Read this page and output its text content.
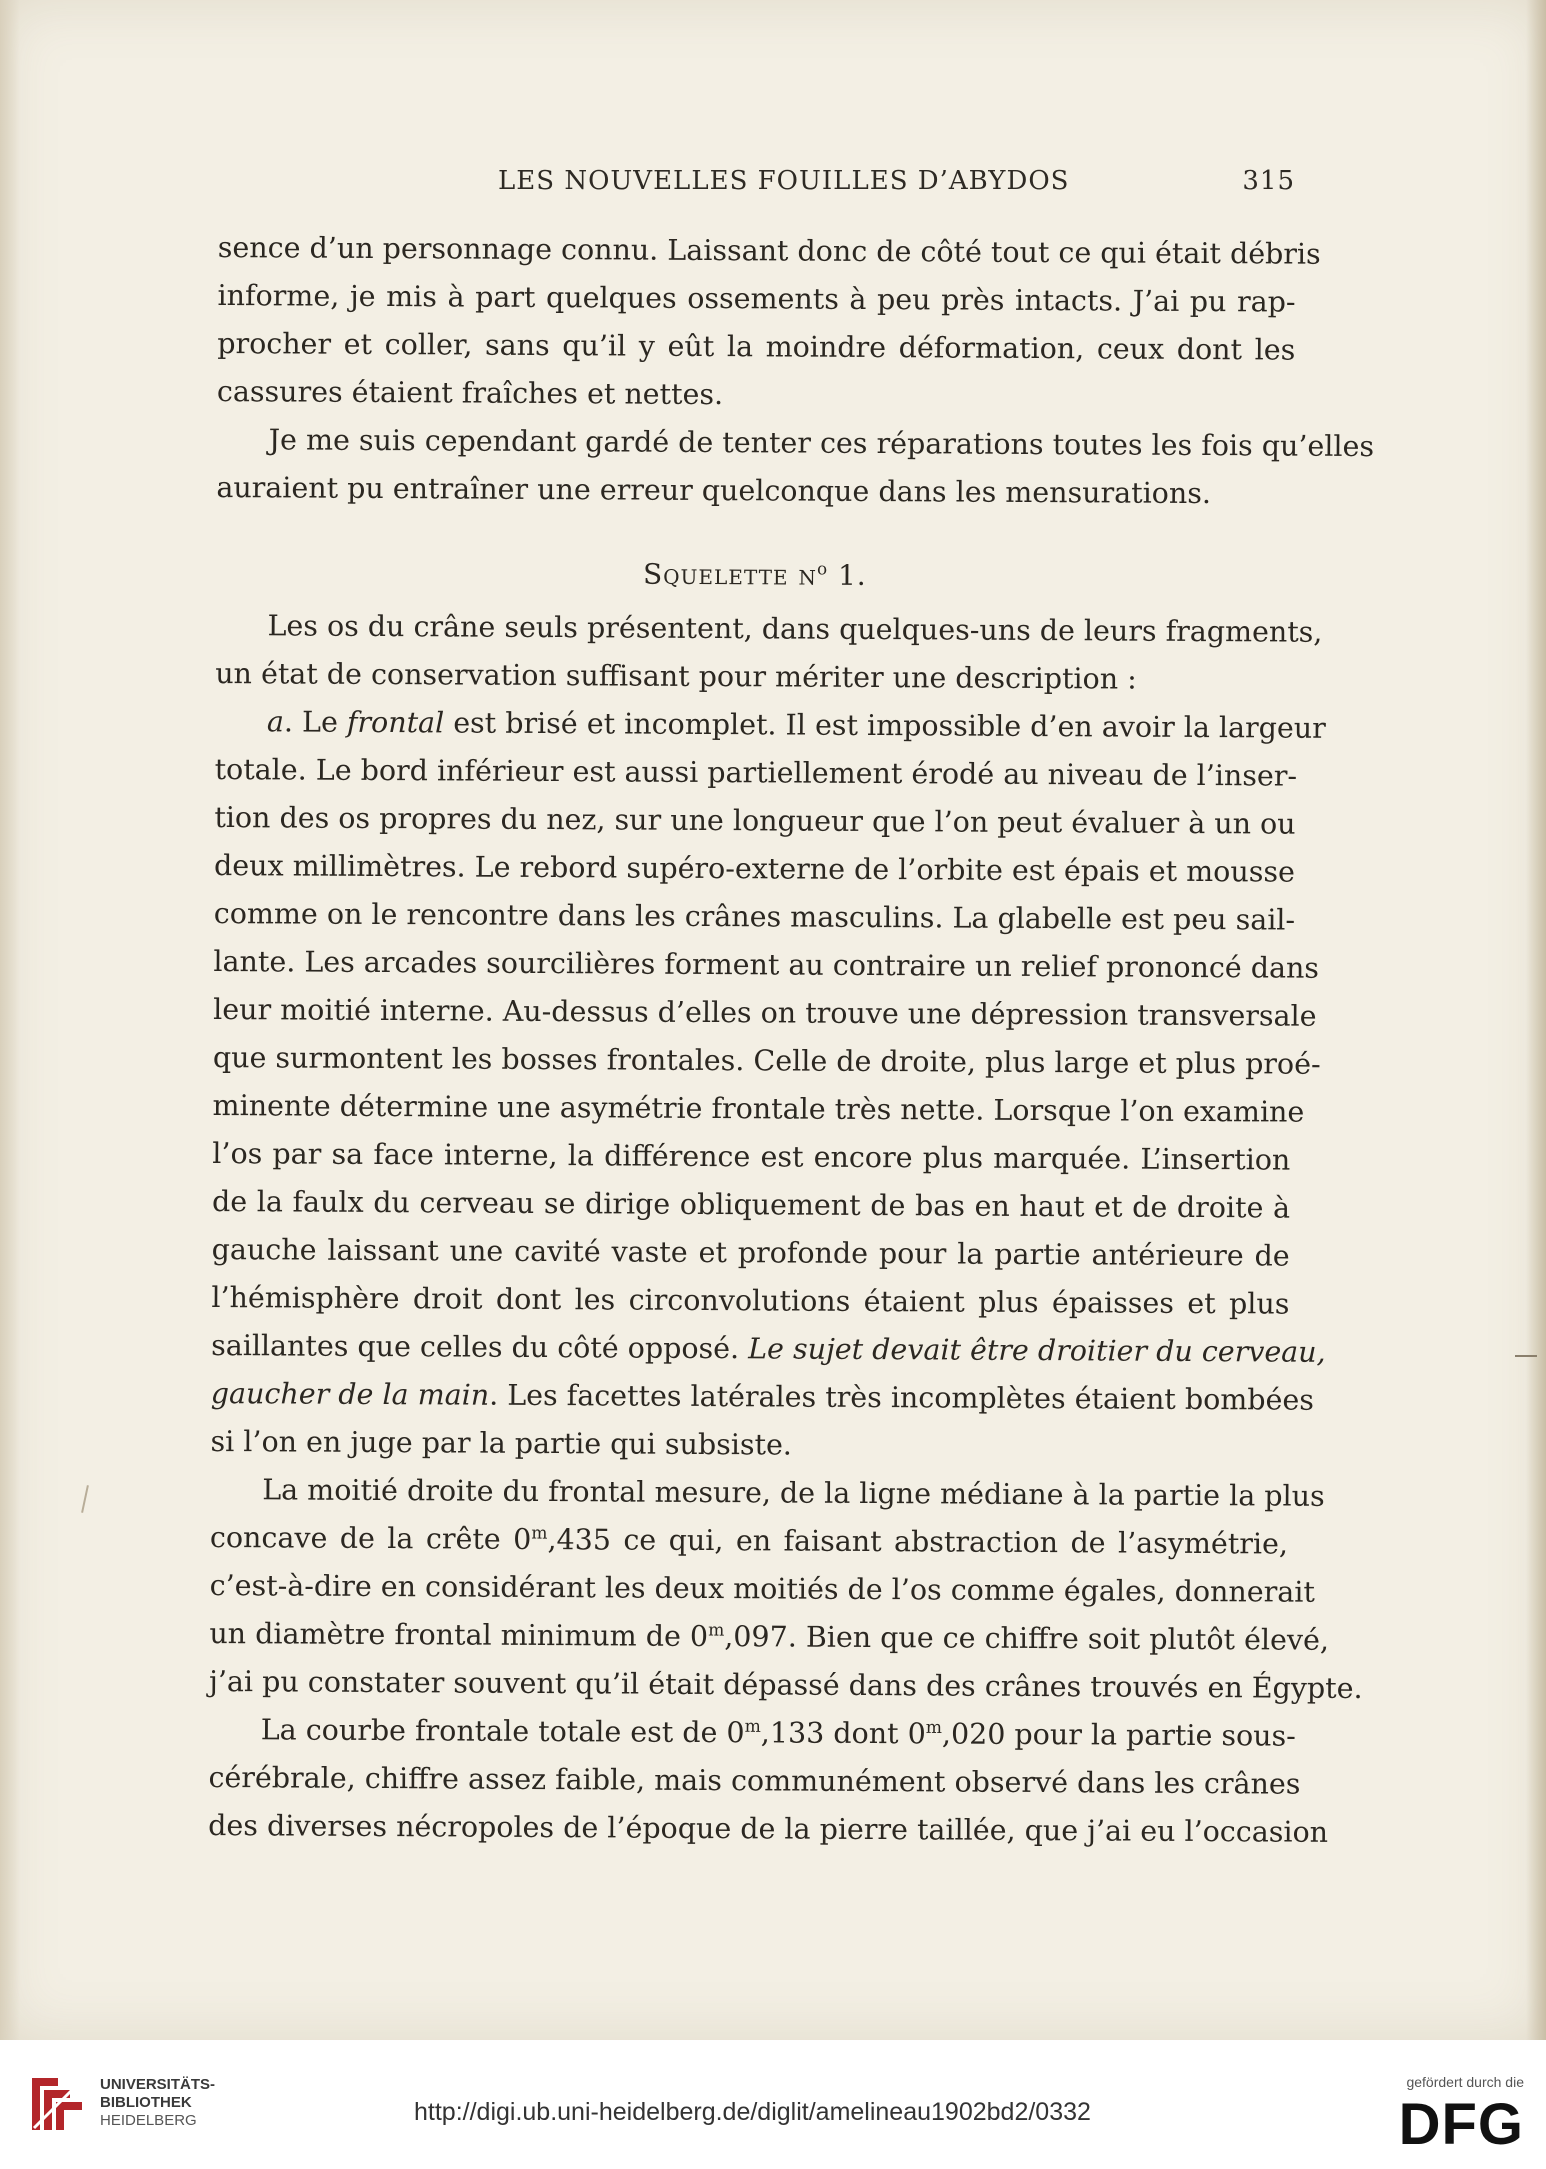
LES NOUVELLES FOUILLES D’ABYDOS	315
sence d’un personnage connu. Laissant donc de côté tout ce qui était débris
informe, je mis à part quelques ossements à peu près intacts. J’ai pu rap-
procher et coller, sans qu’il y eût la moindre déformation, ceux dont les
cassures étaient fraîches et nettes.
Je me suis cependant gardé de tenter ces réparations toutes les fois qu’elles
auraient pu entraîner une erreur quelconque dans les mensurations.
Squelette $n^o$ 1.
Les os du crâne seuls présentent, dans quelques-uns de leurs fragments,
un état de conservation suffisant pour mériter une description :
a. Le frontal est brisé et incomplet. Il est impossible d’en avoir la largeur
totale. Le bord inférieur est aussi partiellement érodé au niveau de l’inser-
tion des os propres du nez, sur une longueur que l’on peut évaluer à un ou
deux millimètres. Le rebord supéro-externe de l’orbite est épais et mousse
comme on le rencontre dans les crânes masculins. La glabelle est peu sail-
lante. Les arcades sourcilières forment au contraire un relief prononcé dans
leur moitié interne. Au-dessus d’elles on trouve une dépression transversale
que surmontent les bosses frontales. Celle de droite, plus large et plus proé-
minente détermine une asymétrie frontale très nette. Lorsque l’on examine
l’os par sa face interne, la différence est encore plus marquée. L’insertion
de la faulx du cerveau se dirige obliquement de bas en haut et de droite à
gauche laissant une cavité vaste et profonde pour la partie antérieure de
l’hémisphère droit dont les circonvolutions étaient plus épaisses et plus
saillantes que celles du côté opposé. Le sujet devait être droitier du cerveau,
gaucher de la main. Les facettes latérales très incomplètes étaient bombées
si l’on en juge par la partie qui subsiste.
La moitié droite du frontal mesure, de la ligne médiane à la partie la plus
concave de la crête 0$^m$,435 ce qui, en faisant abstraction de l’asymétrie,
c’est-à-dire en considérant les deux moitiés de l’os comme égales, donnerait
un diamètre frontal minimum de 0$^m$,097. Bien que ce chiffre soit plutôt élevé,
j’ai pu constater souvent qu’il était dépassé dans des crânes trouvés en Égypte.
La courbe frontale totale est de 0$^m$,133 dont 0$^m$,020 pour la partie sous-
cérébrale, chiffre assez faible, mais communément observé dans les crânes
des diverses nécropoles de l’époque de la pierre taillée, que j’ai eu l’occasion
UNIVERSITÄTS-
BIBLIOTHEK
HEIDELBERG	http://digi.ub.uni-heidelberg.de/diglit/amelineau1902bd2/0332
gefördert durch die
DFG
